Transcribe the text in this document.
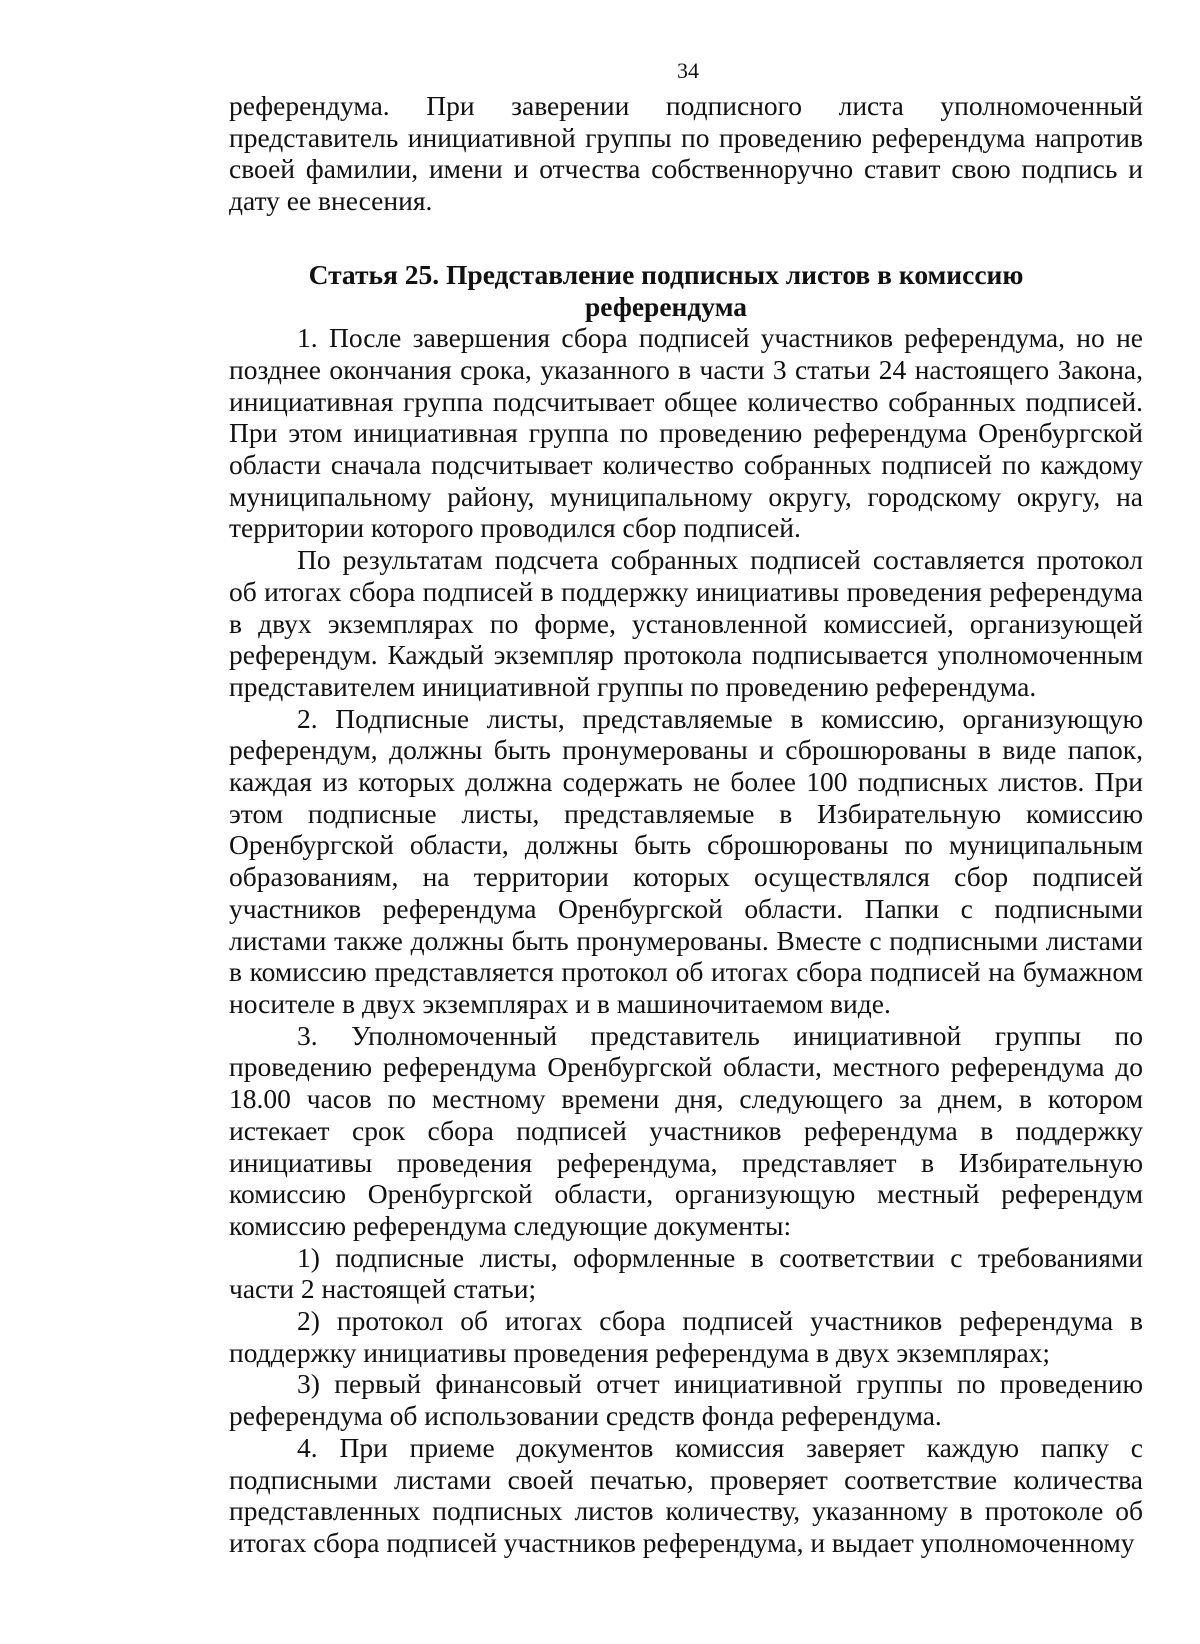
34

референдума. При заверении подписного листа уполномоченный представитель инициативной группы по проведению референдума напротив своей фамилии, имени и отчества собственноручно ставит свою подпись и дату ее внесения.

Статья 25. Представление подписных листов в комиссию
референдума

1. После завершения сбора подписей участников референдума, но не позднее окончания срока, указанного в части 3 статьи 24 настоящего Закона, инициативная группа подсчитывает общее количество собранных подписей. При этом инициативная группа по проведению референдума Оренбургской области сначала подсчитывает количество собранных подписей по каждому муниципальному району, муниципальному округу, городскому округу, на территории которого проводился сбор подписей.

По результатам подсчета собранных подписей составляется протокол об итогах сбора подписей в поддержку инициативы проведения референдума в двух экземплярах по форме, установленной комиссией, организующей референдум. Каждый экземпляр протокола подписывается уполномоченным представителем инициативной группы по проведению референдума.

2. Подписные листы, представляемые в комиссию, организующую референдум, должны быть пронумерованы и сброшюрованы в виде папок, каждая из которых должна содержать не более 100 подписных листов. При этом подписные листы, представляемые в Избирательную комиссию Оренбургской области, должны быть сброшюрованы по муниципальным образованиям, на территории которых осуществлялся сбор подписей участников референдума Оренбургской области. Папки с подписными листами также должны быть пронумерованы. Вместе с подписными листами в комиссию представляется протокол об итогах сбора подписей на бумажном носителе в двух экземплярах и в машиночитаемом виде.

3. Уполномоченный представитель инициативной группы по проведению референдума Оренбургской области, местного референдума до 18.00 часов по местному времени дня, следующего за днем, в котором истекает срок сбора подписей участников референдума в поддержку инициативы проведения референдума, представляет в Избирательную комиссию Оренбургской области, организующую местный референдум комиссию референдума следующие документы:

1) подписные листы, оформленные в соответствии с требованиями части 2 настоящей статьи;

2) протокол об итогах сбора подписей участников референдума в поддержку инициативы проведения референдума в двух экземплярах;

3) первый финансовый отчет инициативной группы по проведению референдума об использовании средств фонда референдума.

4. При приеме документов комиссия заверяет каждую папку с подписными листами своей печатью, проверяет соответствие количества представленных подписных листов количеству, указанному в протоколе об итогах сбора подписей участников референдума, и выдает уполномоченному
